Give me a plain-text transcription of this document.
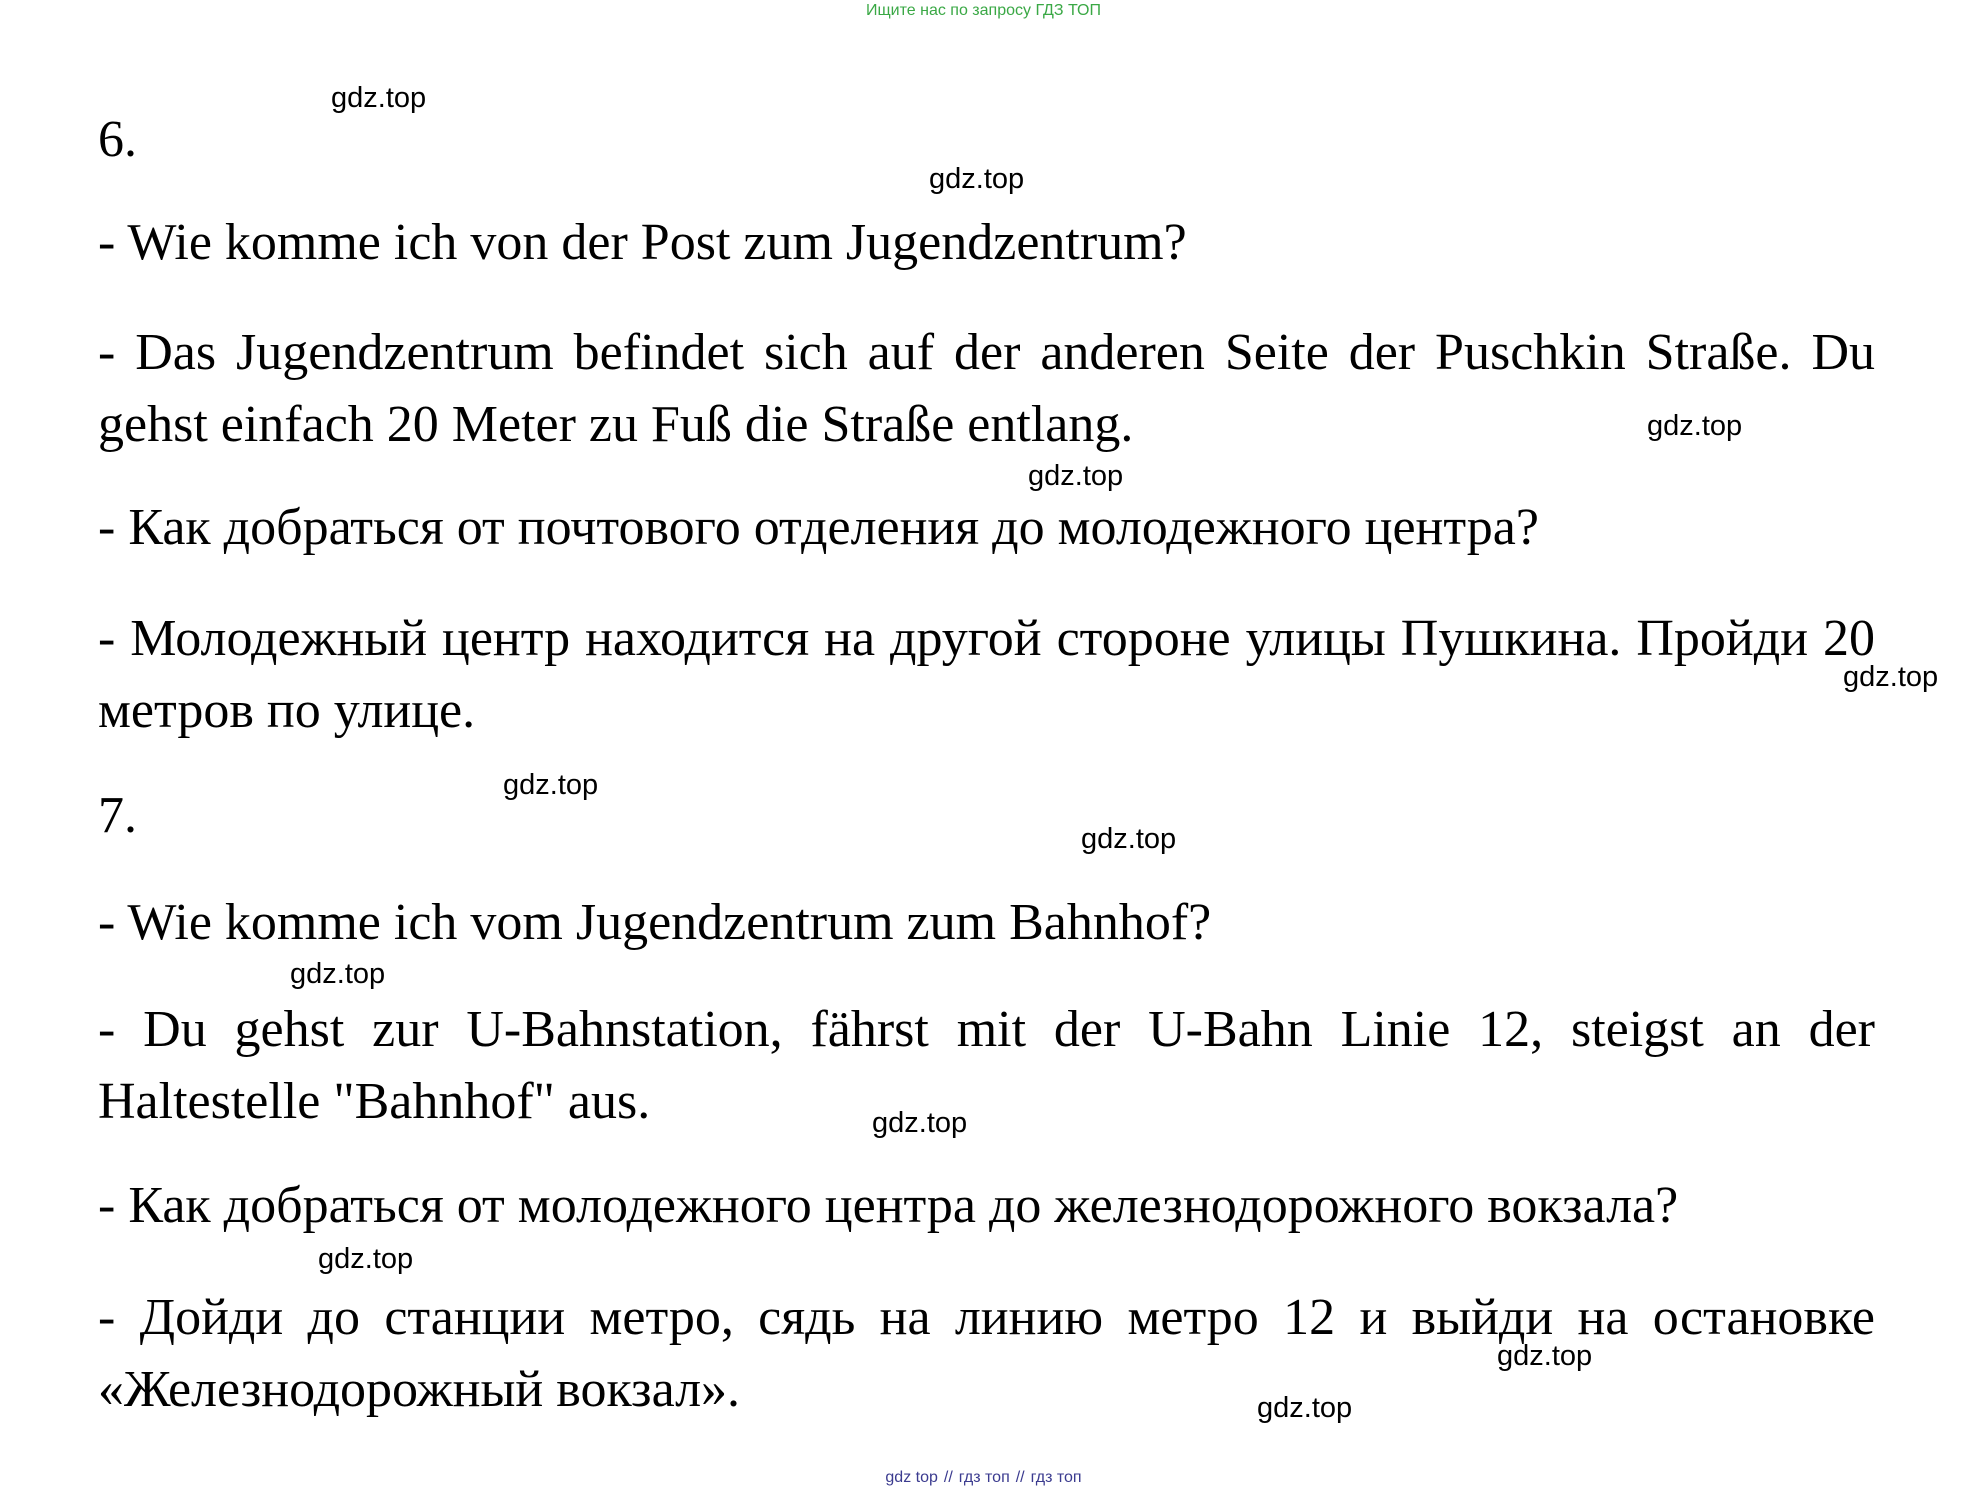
Ищите нас по запросу ГДЗ ТОП
6.
- Wie komme ich von der Post zum Jugendzentrum?
- Das Jugendzentrum befindet sich auf der anderen Seite der Puschkin Straße. Du gehst einfach 20 Meter zu Fuß die Straße entlang.
- Как добраться от почтового отделения до молодежного центра?
- Молодежный центр находится на другой стороне улицы Пушкина. Пройди 20 метров по улице.
7.
- Wie komme ich vom Jugendzentrum zum Bahnhof?
- Du gehst zur U-Bahnstation, fährst mit der U-Bahn Linie 12, steigst an der Haltestelle "Bahnhof" aus.
- Как добраться от молодежного центра до железнодорожного вокзала?
- Дойди до станции метро, сядь на линию метро 12 и выйди на остановке «Железнодорожный вокзал».
gdz.top
gdz.top
gdz.top
gdz.top
gdz.top
gdz.top
gdz.top
gdz.top
gdz.top
gdz.top
gdz.top
gdz.top
gdz top // гдз топ // гдз топ
